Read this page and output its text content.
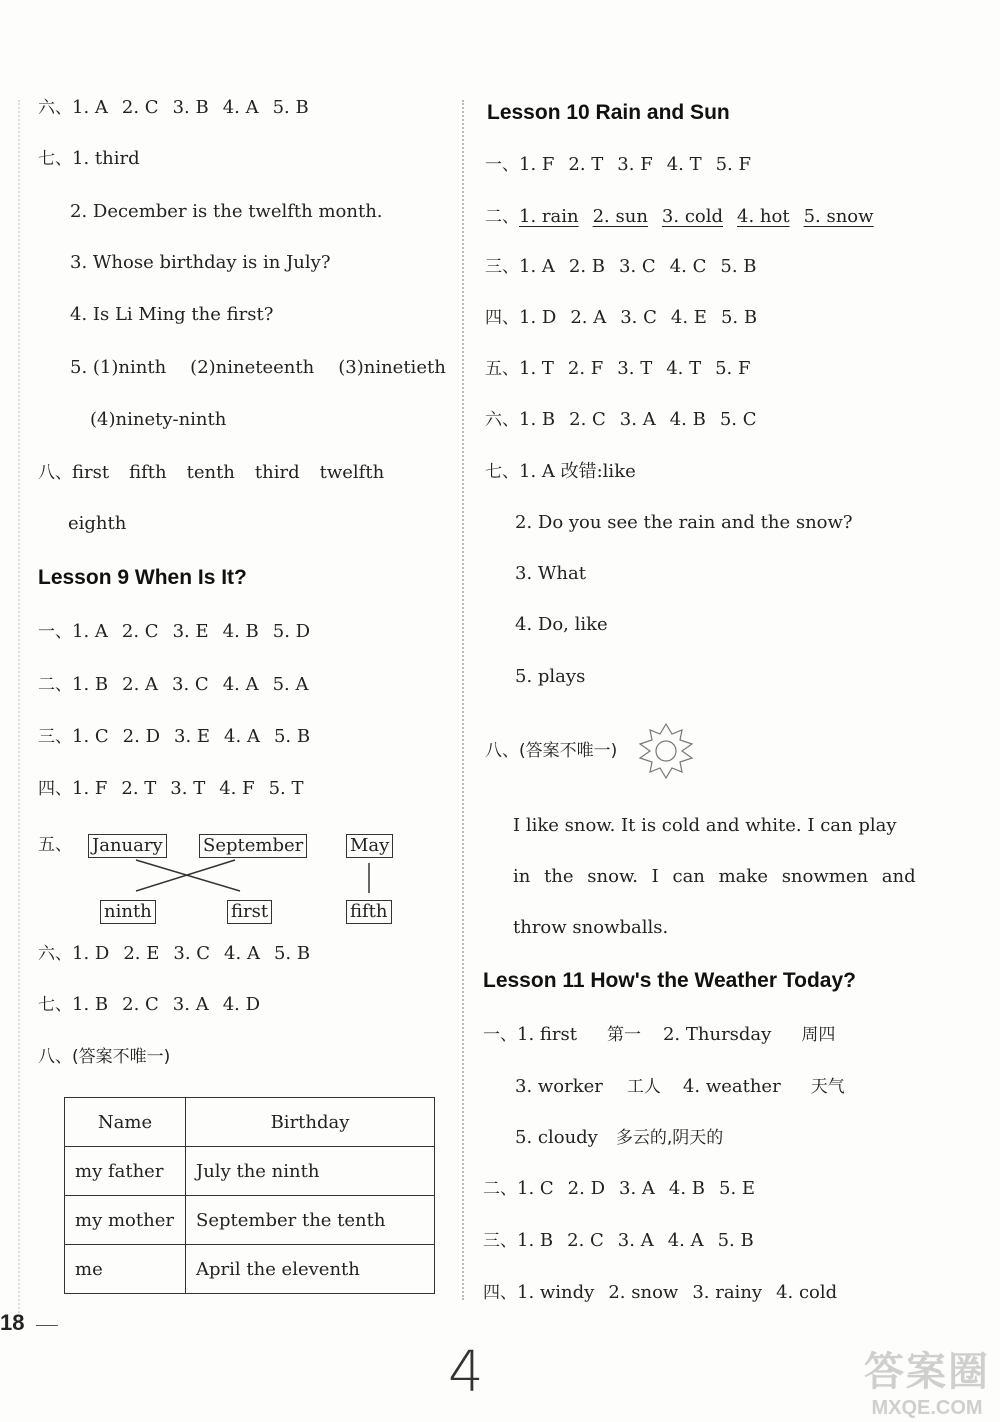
六、1. A 2. C 3. B 4. A 5. B
七、1. third
2. December is the twelfth month.
3. Whose birthday is in July?
4. Is Li Ming the first?
5. (1)ninth (2)nineteenth (3)ninetieth
(4)ninety-ninth
八、first fifth tenth third twelfth
eighth
Lesson 9 When Is It?
一、1. A 2. C 3. E 4. B 5. D
二、1. B 2. A 3. C 4. A 5. A
三、1. C 2. D 3. E 4. A 5. B
四、1. F 2. T 3. T 4. F 5. T
五、 January September	May
ninth	first	fifth
六、1. D 2. E 3. C 4. A 5. B
七、1. B 2. C 3. A 4. D
八、(答案不唯一)
Name	Birthday
my father	July the ninth
my mother	September the tenth
me	April the eleventh
Lesson 10 Rain and Sun
一、1. F 2. T 3. F 4. T 5. F
二、1. rain 2. sun 3. cold 4. hot 5. snow
三、1. A 2. B 3. C 4. C 5. B
四、1. D 2. A 3. C 4. E 5. B
五、1. T 2. F 3. T 4. T 5. F
六、1. B 2. C 3. A 4. B 5. C
七、1. A 改错:like
2. Do you see the rain and the snow?
3. What
4. Do, like
5. plays
八、(答案不唯一)
I like snow. It is cold and white. I can play
in the snow. I can make snowmen and
throw snowballs.
Lesson 11 How's the Weather Today?
一、1. first 第一 2. Thursday 周四
3. worker 工人 4. weather 天气
5. cloudy 多云的,阴天的
二、1. C 2. D 3. A 4. B 5. E
三、1. B 2. C 3. A 4. A 5. B
四、1. windy 2. snow 3. rainy 4. cold
18
4	答案圈
MXQE.COM
